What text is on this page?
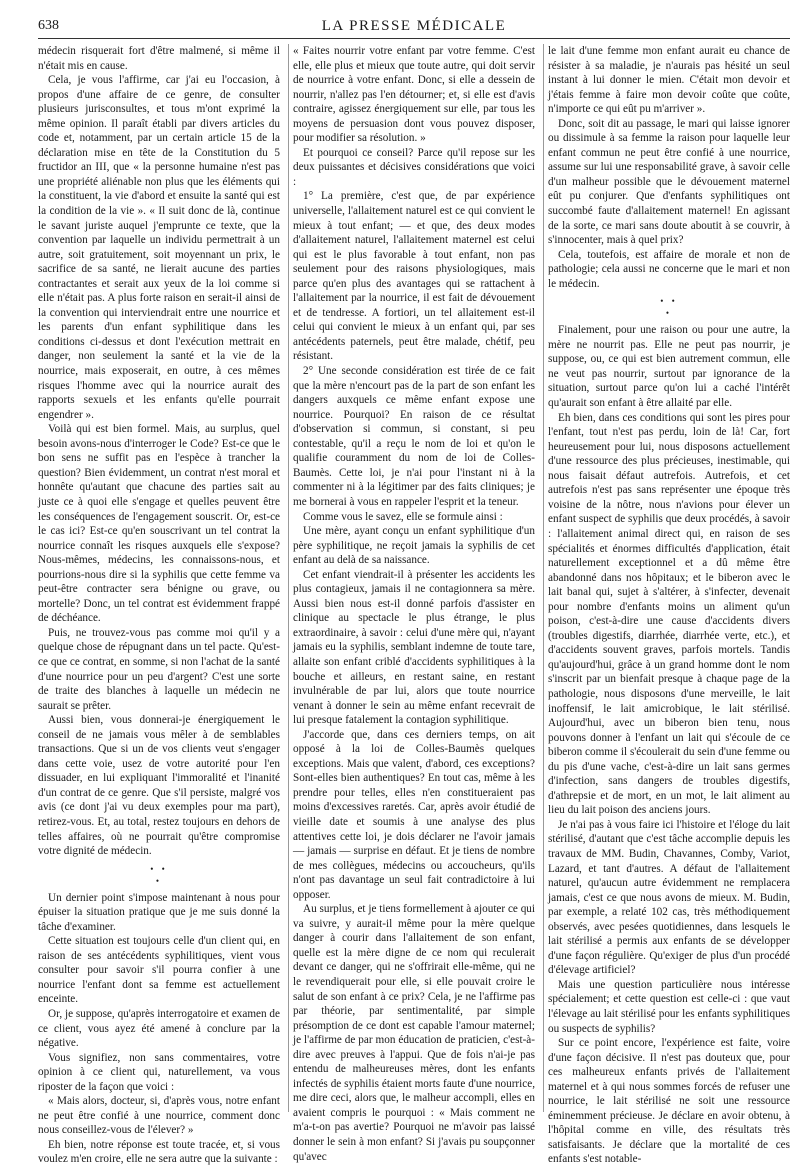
638	LA PRESSE MÉDICALE

médecin risquerait fort d'être malmené, si même il n'était mis en cause.

Cela, je vous l'affirme, car j'ai eu l'occasion, à propos d'une affaire de ce genre, de consulter plusieurs jurisconsultes, et tous m'ont exprimé la même opinion. Il paraît établi par divers articles du code et, notamment, par un certain article 15 de la déclaration mise en tête de la Constitution du 5 fructidor an III, que « la personne humaine n'est pas une propriété aliénable non plus que les éléments qui la constituent, la vie d'abord et ensuite la santé qui est la condition de la vie ». « Il suit donc de là, continue le savant juriste auquel j'emprunte ce texte, que la convention par laquelle un individu permettrait à un autre, soit gratuitement, soit moyennant un prix, le sacrifice de sa santé, ne lierait aucune des parties contractantes et serait aux yeux de la loi comme si elle n'était pas. A plus forte raison en serait-il ainsi de la convention qui interviendrait entre une nourrice et les parents d'un enfant syphilitique dans les conditions ci-dessus et dont l'exécution mettrait en danger, non seulement la santé et la vie de la nourrice, mais exposerait, en outre, à ces mêmes risques l'homme avec qui la nourrice aurait des rapports sexuels et les enfants qu'elle pourrait engendrer ».

Voilà qui est bien formel. Mais, au surplus, quel besoin avons-nous d'interroger le Code? Est-ce que le bon sens ne suffit pas en l'espèce à trancher la question? Bien évidemment, un contrat n'est moral et honnête qu'autant que chacune des parties sait au juste ce à quoi elle s'engage et quelles peuvent être les conséquences de l'engagement souscrit. Or, est-ce le cas ici? Est-ce qu'en souscrivant un tel contrat la nourrice connaît les risques auxquels elle s'expose? Nous-mêmes, médecins, les connaissons-nous, et pourrions-nous dire si la syphilis que cette femme va peut-être contracter sera bénigne ou grave, ou mortelle? Donc, un tel contrat est évidemment frappé de déchéance.

Puis, ne trouvez-vous pas comme moi qu'il y a quelque chose de répugnant dans un tel pacte. Qu'est-ce que ce contrat, en somme, si non l'achat de la santé d'une nourrice pour un peu d'argent? C'est une sorte de traite des blanches à laquelle un médecin ne saurait se prêter.

Aussi bien, vous donnerai-je énergiquement le conseil de ne jamais vous mêler à de semblables transactions. Que si un de vos clients veut s'engager dans cette voie, usez de votre autorité pour l'en dissuader, en lui expliquant l'immoralité et l'inanité d'un contrat de ce genre. Que s'il persiste, malgré vos avis (ce dont j'ai vu deux exemples pour ma part), retirez-vous. Et, au total, restez toujours en dehors de telles affaires, où ne pourrait qu'être compromise votre dignité de médecin.

• •
•

Un dernier point s'impose maintenant à nous pour épuiser la situation pratique que je me suis donné la tâche d'examiner.

Cette situation est toujours celle d'un client qui, en raison de ses antécédents syphilitiques, vient vous consulter pour savoir s'il pourra confier à une nourrice l'enfant dont sa femme est actuellement enceinte.

Or, je suppose, qu'après interrogatoire et examen de ce client, vous ayez été amené à conclure par la négative.

Vous signifiez, non sans commentaires, votre opinion à ce client qui, naturellement, va vous riposter de la façon que voici :

« Mais alors, docteur, si, d'après vous, notre enfant ne peut être confié à une nourrice, comment donc nous conseillez-vous de l'élever? »

Eh bien, notre réponse est toute tracée, et, si vous voulez m'en croire, elle ne sera autre que la suivante :

« Faites nourrir votre enfant par votre femme. C'est elle, elle plus et mieux que toute autre, qui doit servir de nourrice à votre enfant. Donc, si elle a dessein de nourrir, n'allez pas l'en détourner; et, si elle est d'avis contraire, agissez énergiquement sur elle, par tous les moyens de persuasion dont vous pouvez disposer, pour modifier sa résolution. »

Et pourquoi ce conseil? Parce qu'il repose sur les deux puissantes et décisives considérations que voici :

1° La première, c'est que, de par expérience universelle, l'allaitement naturel est ce qui convient le mieux à tout enfant; — et que, des deux modes d'allaitement naturel, l'allaitement maternel est celui qui est le plus favorable à tout enfant, non pas seulement pour des raisons physiologiques, mais parce qu'en plus des avantages qui se rattachent à l'allaitement par la nourrice, il est fait de dévouement et de tendresse. A fortiori, un tel allaitement est-il celui qui convient le mieux à un enfant qui, par ses antécédents paternels, peut être malade, chétif, peu résistant.

2° Une seconde considération est tirée de ce fait que la mère n'encourt pas de la part de son enfant les dangers auxquels ce même enfant expose une nourrice. Pourquoi? En raison de ce résultat d'observation si commun, si constant, si peu contestable, qu'il a reçu le nom de loi et qu'on le qualifie couramment du nom de loi de Colles-Baumès. Cette loi, je n'ai pour l'instant ni à la commenter ni à la légitimer par des faits cliniques; je me bornerai à vous en rappeler l'esprit et la teneur.

Comme vous le savez, elle se formule ainsi :

Une mère, ayant conçu un enfant syphilitique d'un père syphilitique, ne reçoit jamais la syphilis de cet enfant au delà de sa naissance.

Cet enfant viendrait-il à présenter les accidents les plus contagieux, jamais il ne contagionnera sa mère. Aussi bien nous est-il donné parfois d'assister en clinique au spectacle le plus étrange, le plus extraordinaire, à savoir : celui d'une mère qui, n'ayant jamais eu la syphilis, semblant indemne de toute tare, allaite son enfant criblé d'accidents syphilitiques à la bouche et ailleurs, en restant saine, en restant invulnérable de par lui, alors que toute nourrice venant à donner le sein au même enfant recevrait de lui presque fatalement la contagion syphilitique.

J'accorde que, dans ces derniers temps, on ait opposé à la loi de Colles-Baumès quelques exceptions. Mais que valent, d'abord, ces exceptions? Sont-elles bien authentiques? En tout cas, même à les prendre pour telles, elles n'en constitueraient pas moins d'excessives raretés. Car, après avoir étudié de vieille date et soumis à une analyse des plus attentives cette loi, je dois déclarer ne l'avoir jamais — jamais — surprise en défaut. Et je tiens de nombre de mes collègues, médecins ou accoucheurs, qu'ils n'ont pas davantage un seul fait contradictoire à lui opposer.

Au surplus, et je tiens formellement à ajouter ce qui va suivre, y aurait-il même pour la mère quelque danger à courir dans l'allaitement de son enfant, quelle est la mère digne de ce nom qui reculerait devant ce danger, qui ne s'offrirait elle-même, qui ne le revendiquerait pour elle, si elle pouvait croire le salut de son enfant à ce prix? Cela, je ne l'affirme pas par théorie, par sentimentalité, par simple présomption de ce dont est capable l'amour maternel; je l'affirme de par mon éducation de praticien, c'est-à-dire avec preuves à l'appui. Que de fois n'ai-je pas entendu de malheureuses mères, dont les enfants infectés de syphilis étaient morts faute d'une nourrice, me dire ceci, alors que, le malheur accompli, elles en avaient compris le pourquoi : « Mais comment ne m'a-t-on pas avertie? Pourquoi ne m'avoir pas laissé donner le sein à mon enfant? Si j'avais pu soupçonner qu'avec

le lait d'une femme mon enfant aurait eu chance de résister à sa maladie, je n'aurais pas hésité un seul instant à lui donner le mien. C'était mon devoir et j'étais femme à faire mon devoir coûte que coûte, n'importe ce qui eût pu m'arriver ».

Donc, soit dit au passage, le mari qui laisse ignorer ou dissimule à sa femme la raison pour laquelle leur enfant commun ne peut être confié à une nourrice, assume sur lui une responsabilité grave, à savoir celle d'un malheur possible que le dévouement maternel eût pu conjurer. Que d'enfants syphilitiques ont succombé faute d'allaitement maternel! En agissant de la sorte, ce mari sans doute aboutit à se couvrir, à s'innocenter, mais à quel prix?

Cela, toutefois, est affaire de morale et non de pathologie; cela aussi ne concerne que le mari et non le médecin.

• •
•

Finalement, pour une raison ou pour une autre, la mère ne nourrit pas. Elle ne peut pas nourrir, je suppose, ou, ce qui est bien autrement commun, elle ne veut pas nourrir, surtout par ignorance de la situation, surtout parce qu'on lui a caché l'intérêt qu'aurait son enfant à être allaité par elle.

Eh bien, dans ces conditions qui sont les pires pour l'enfant, tout n'est pas perdu, loin de là! Car, fort heureusement pour lui, nous disposons actuellement d'une ressource des plus précieuses, inestimable, qui nous faisait défaut autrefois. Autrefois, et cet autrefois n'est pas sans représenter une époque très voisine de la nôtre, nous n'avions pour élever un enfant suspect de syphilis que deux procédés, à savoir : l'allaitement animal direct qui, en raison de ses spécialités et énormes difficultés d'application, était naturellement exceptionnel et a dû même être abandonné dans nos hôpitaux; et le biberon avec le lait banal qui, sujet à s'altérer, à s'infecter, devenait pour nombre d'enfants moins un aliment qu'un poison, c'est-à-dire une cause d'accidents divers (troubles digestifs, diarrhée, diarrhée verte, etc.), et d'accidents souvent graves, parfois mortels. Tandis qu'aujourd'hui, grâce à un grand homme dont le nom s'inscrit par un bienfait presque à chaque page de la pathologie, nous disposons d'une merveille, le lait inoffensif, le lait amicrobique, le lait stérilisé. Aujourd'hui, avec un biberon bien tenu, nous pouvons donner à l'enfant un lait qui s'écoule de ce biberon comme il s'écoulerait du sein d'une femme ou du pis d'une vache, c'est-à-dire un lait sans germes d'infection, sans dangers de troubles digestifs, d'athrepsie et de mort, en un mot, le lait aliment au lieu du lait poison des anciens jours.

Je n'ai pas à vous faire ici l'histoire et l'éloge du lait stérilisé, d'autant que c'est tâche accomplie depuis les travaux de MM. Budin, Chavannes, Comby, Variot, Lazard, et tant d'autres. A défaut de l'allaitement naturel, qu'aucun autre évidemment ne remplacera jamais, c'est ce que nous avons de mieux. M. Budin, par exemple, a relaté 102 cas, très méthodiquement observés, avec pesées quotidiennes, dans lesquels le lait stérilisé a permis aux enfants de se développer d'une façon régulière. Qu'exiger de plus d'un procédé d'élevage artificiel?

Mais une question particulière nous intéresse spécialement; et cette question est celle-ci : que vaut l'élevage au lait stérilisé pour les enfants syphilitiques ou suspects de syphilis?

Sur ce point encore, l'expérience est faite, voire d'une façon décisive. Il n'est pas douteux que, pour ces malheureux enfants privés de l'allaitement maternel et à qui nous sommes forcés de refuser une nourrice, le lait stérilisé ne soit une ressource éminemment précieuse. Je déclare en avoir obtenu, à l'hôpital comme en ville, des résultats très satisfaisants. Je déclare que la mortalité de ces enfants s'est notable-
